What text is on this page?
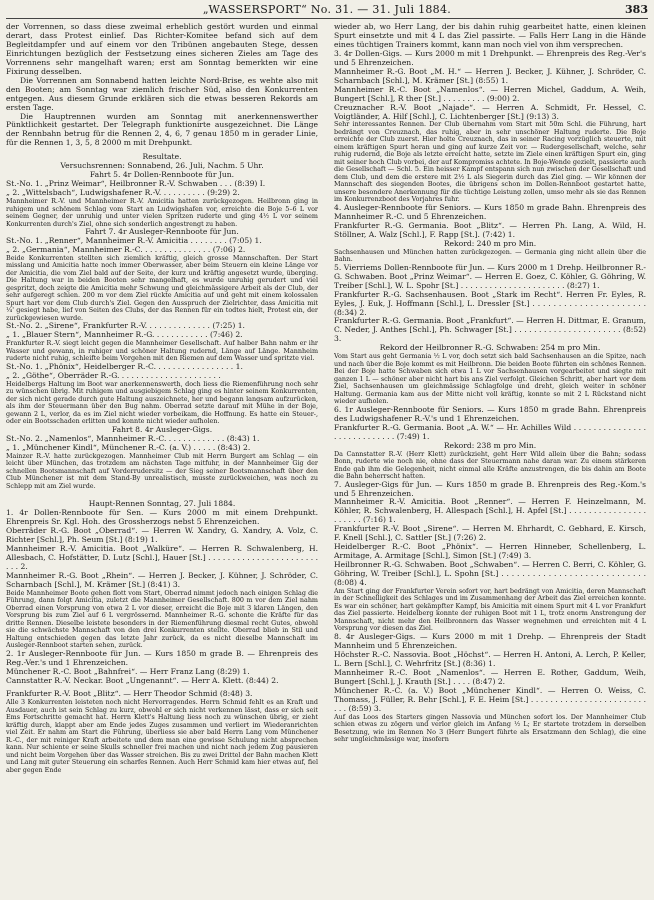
„WASSERSPORT“ No. 31. — 31. Juli 1884.	383

der Vorrennen, so dass diese zweimal erheblich gestört wurden und einmal derart, dass Protest einlief. Das Richter-Komitee befand sich auf dem Begleitdampfer und auf einem vor den Tribünen angebauten Stege, dessen Einrichtungen bezüglich der Festsetzung eines sicheren Zieles am Tage des Vorrennens sehr mangelhaft waren; erst am Sonntag bemerkten wir eine Fixirung desselben.

Die Vorrennen am Sonnabend hatten leichte Nord-Brise, es wehte also mit den Booten; am Sonntag war ziemlich frischer Süd, also den Konkurrenten entgegen. Aus diesem Grunde erklären sich die etwas besseren Rekords am ersten Tage.

Die Hauptrennen wurden am Sonntag mit anerkennenswerther Pünktlichkeit gestartet. Der Telegraph funktionirte ausgezeichnet. Die Länge der Rennbahn betrug für die Rennen 2, 4, 6, 7 genau 1850 m in gerader Linie, für die Rennen 1, 3, 5, 8 2000 m mit Drehpunkt.

Resultate.

Versuchsrennen: Sonnabend, 26. Juli, Nachm. 5 Uhr.

Fahrt 5. 4r Dollen-Rennboote für Jun.

St.-No. 1. „Prinz Weimar“, Heilbronner R.-V. Schwaben . . . (8:39) I.

„ 2. „Wittelsbach“, Ludwigshafener R.-V. . . . . . . . . . (9:29) 2.

Mannheimer R.-V. und Mannheimer R.-V. Amicitia hatten zurückgezogen. Heilbronn ging in ruhigem und schönem Schlag vom Start an Ludwigshafen vor, erreichte die Boje 5–6 L vor seinem Gegner, der unruhig und unter vielen Spritzen ruderte und ging 4½ L vor seinem Konkurrenten durch's Ziel, ohne sich sonderlich angestrengt zu haben.

Fahrt 7. 4r Ausleger-Rennboote für Jun.

St.-No. 1. „Renner“, Mannheimer R.-V. Amicitia . . . . . . . . (7:05) 1.

„ 2. „Germania“, Mannheimer R.-C. . . . . . . . . . . . . . . (7:06) 2.

Beide Konkurrenten stellten sich ziemlich kräftig, gleich grosse Mannschaften. Der Start misslang und Amicitia hatte noch immer Oberwasser, aber beim Steuern ein kleine Länge vor der Amicitia, die vom Ziel bald auf der Seite, der kurz und kräftig angesetzt wurde, überging. Die Haltung war in beiden Booten sehr mangelhaft, es wurde unruhig gerudert und viel gespritzt, doch zeigte die Amicitia mehr Schwung und gleichmässigere Arbeit als der Club, der sehr aufgeregt schien. 200 m vor dem Ziel rückte Amicitia auf und geht mit einem kolossalen Spurt hart vor dem Club durch's Ziel. Gegen den Ausspruch der Zielrichter, dass Amicitia mit ¼' gesiegt habe, lief von Seiten des Clubs, der das Rennen für ein todtes hielt, Protest ein, der zurückgewiesen wurde.

St.-No. 2. „Sirene“, Frankfurter R.-V. . . . . . . . . . . . . . (7:25) 1.

„ 1. „Blauer Stern“, Mannheimer R.-G. . . . . . . . . . . . (7:46) 2.

Frankfurter R.-V. siegt leicht gegen die Mannheimer Gesellschaft. Auf halber Bahn nahm er ihr Wasser und gewann, in ruhiger und schöner Haltung rudernd, Länge auf Länge. Mannheim ruderte nicht ruhig, schleifte beim Vorgehen mit den Riemen auf dem Wasser und spritzte viel.

St.-No. 1. „Phönix“, Heidelberger R.-C. . . . . . . . . . . . . . . . . 1.

„ 2. „Göthe“, Oberräder R.-G. . . . . . . . . . . . . . . . . . . . . .

Heidelbergs Haltung im Boot war anerkennenswerth, doch liess die Riemenführung noch sehr zu wünschen übrig. Mit ruhigem und ausgiebigem Schlag ging es hinter seinem Konkurrenten, der sich nicht gerade durch gute Haltung auszeichnete, her und begann langsam aufzurücken, als ihm der Steuermann über den Bug nahm. Oberrad setzte darauf mit Mühe in der Boje, gewann 2 L, verlor, da es im Ziel nicht wieder vorbeikam, die Hoffnung. Es hatte ein Steuer-, oder ein Bootsschaden erlitten und konnte nicht wieder aufholen.

Fahrt 8. 4r Ausleger-Gigs.

St.-No. 2. „Namenlos“, Mannheimer R.-C. . . . . . . . . . . . . (8:43) 1.

„ 1. „Münchener Kindl“, Münchener R.-C. (a. V.) . . . . . (8:43) 2.

Mainzer R.-V. hatte zurückgezogen. Mannheimer Club mit Herrn Burgert am Schlag — ein leicht über München, das trotzdem am nächsten Tage mitfuhr, in der Mannheimer Gig der schnellen Bootsmannschaft auf Vorderrudersitz — der Sieg seiner Bootsmannschaft über den Club Münchener ist mit dem Stand-By unrealistisch, musste zurückweichen, was noch zu Schlepp mit am Ziel wurde.

Haupt-Rennen Sonntag, 27. Juli 1884.

1. 4r Dollen-Rennboote für Sen. — Kurs 2000 m mit einem Drehpunkt. Ehrenpreis Sr. Kgl. Hoh. des Grossherzogs nebst 5 Ehrenzeichen.

Oberräder R.-G. Boot „Oberrad“. — Herren W. Xandry, G. Xandry, A. Volz, C. Richter [Schl.], Ph. Seum [St.] (8:19) 1.

Mannheimer R.-V. Amicitia. Boot „Walküre“. — Herren R. Schwalenberg, H. Allesbach, C. Hofstätter, D. Lutz [Schl.], Hauer [St.] . . . . . . . . . . . . . . . . . . . . . . . . . . 2.

Mannheimer R.-G. Boot „Rhein“. — Herren J. Becker, J. Kühner, J. Schröder, C. Scharnbach [Schl.], M. Krämer [St.] (8:41) 3.

Beide Mannheimer Boote gehen flott vom Start, Oberrad nimmt jedoch nach einigen Schlag die Führung, dann folgt Amicitia, zuletzt die Mannheimer Gesellschaft. 800 m vor dem Ziel nahm Oberrad einen Vorsprung von etwa 2 L vor dieser, erreicht die Boje mit 3 klaren Längen, den Vorsprung bis zum Ziel auf 6 L vergrössernd. Mannheimer R.-G. schonte die Kräfte für das dritte Rennen. Dieselbe leistete besonders in der Riemenführung diesmal recht Gutes, obwohl sie die schwächste Mannschaft von den drei Konkurrenten stellte. Oberrad blieb in Stil und Haltung entschieden gegen das letzte Jahr zurück, da es nicht dieselbe Mannschaft im Ausleger-Rennboot starten sehen, zurück.

2. 1r Ausleger-Rennboote für Jun. — Kurs 1850 m grade B. — Ehrenpreis des Reg.-Ver.'s und 1 Ehrenzeichen.

Münchener R.-C. Boot „Bahnfrei“. — Herr Franz Lang (8:29) 1.

Cannstatter R.-V. Neckar. Boot „Ungenannt“. — Herr A. Klett. (8:44) 2.

Frankfurter R.-V. Boot „Blitz“. — Herr Theodor Schmid (8:48) 3.

Alle 3 Konkurrenten leisteten noch nicht Hervorragendes. Herrn Schmid fehlt es an Kraft und Ausdauer, auch ist sein Schlag zu kurz, obwohl er sich nicht verkennen lässt, dass er sich seit Ems Fortschritte gemacht hat. Herrn Klett's Haltung liess noch zu wünschen übrig, er zieht kräftig durch, klappt aber am Ende jedes Zuges zusammen und verliert im Wiederanrichten viel Zeit. Er nahm am Start die Führung, überliess sie aber bald Herrn Lang vom Münchener R.-C., der mit reiniger Kraft arbeitete und dem man eine gewisse Schulung nicht absprechen kann. Nur schiente er seine Skulls schneller frei machen und nicht nach jedem Zug pausieren und nicht beim Vorgehen über das Wasser streichen. Bis zu zwei Drittel der Bahn machen Klett und Lang mit guter Steuerung ein scharfes Rennen. Auch Herr Schmid kam hier etwas auf, fiel aber gegen Ende

wieder ab, wo Herr Lang, der bis dahin ruhig gearbeitet hatte, einen kleinen Spurt einsetzte und mit 4 L das Ziel passirte. — Falls Herr Lang in die Hände eines tüchtigen Trainers kommt, kann man noch viel von ihm versprechen.

3. 4r Dollen-Gigs. — Kurs 2000 m mit 1 Drehpunkt. — Ehrenpreis des Reg.-Ver's und 5 Ehrenzeichen.

Mannheimer R.-G. Boot „M. H.“ — Herren J. Becker, J. Kühner, J. Schröder, C. Scharnbach [Schl.], M. Krämer [St.] (8:55) 1.

Mannheimer R.-C. Boot „Namenlos“. — Herren Michel, Gaddum, A. Weih, Bungert [Schl.], R ther [St.] . . . . . . . . . (9:00) 2.

Creuznacher R.-V. Boot „Najade“. — Herren A. Schmidt, Fr. Hessel, C. Voigtländer, A. Hilf [Schl.], C. Lichtenberger [St.] (9:13) 3.

Sehr interessantes Rennen. Der Club übernahm vom Start mit 50m Schl. die Führung, hart bedrängt von Creuznach, das ruhig, aber in sehr unschöner Haltung ruderte. Die Boje erreichte der Club zuerst. Hier holte Creuznach, das in seiner Racing vorzüglich steuerte, mit einem kräftigen Spurt heran und ging auf kurze Zeit vor. — Rudergesellschaft, welche, sehr ruhig rudernd, die Boje als letzte erreicht hatte, setzte im Ziele einen kräftigen Spurt ein, ging mit seiner hoch Club vorbei, der auf Kompromiss achtete. In Boje-Wende gezielt, passierte auch die Gesellschaft — Schl. 5. Ein heisser Kampf entspann sich nun zwischen der Gesellschaft und dem Club, und dem die erstere mit 2½ L als Siegerin durch das Ziel ging. — Wir können der Mannschaft des siegenden Bootes, die übrigens schon im Dollen-Rennboot gestartet hatte, unsere besondere Anerkennung für die tüchtige Leistung zollen, umso mehr als sie das Rennen im Konkurrenzboot des Vorjahres fuhr.

4. Ausleger-Rennboote für Seniors. — Kurs 1850 m grade Bahn. Ehrenpreis des Mannheimer R.-C. und 5 Ehrenzeichen.

Frankfurter R.-G. Germania. Boot „Blitz“. — Herren Ph. Lang, A. Wild, H. Stöllner, A. Walz [Schl.], F. Rapp [St.]. (7:42) 1.

Rekord: 240 m pro Min.

Sachsenhausen und München hatten zurückgezogen. — Germania ging nicht allein über die Bahn.

5. Vierriems Dollen-Rennboote für Jun. — Kurs 2000 m 1 Drehp. Heilbronner R.-G. Schwaben. Boot „Prinz Weimar“. — Herren E. Goez, C. Köhler, G. Göhring, W. Treiber [Schl.], W. L. Spohr [St.] . . . . . . . . . . . . . . . . . . . . . . (8:27) 1.

Frankfurter R.-G. Sachsenhausen. Boot „Stark im Recht“. Herren Fr. Eyles, R. Eyles, J. Euk, J. Hoffmann [Schl.], L. Dressler [St.] . . . . . . . . . . . . . . . . . . . . . . (8:34) 2.

Frankfurter R.-G. Germania. Boot „Frankfurt“. — Herren H. Dittmar, E. Granum, C. Neder, J. Anthes [Schl.], Ph. Schwager [St.] . . . . . . . . . . . . . . . . . . . . . . (8:52) 3.

Rekord der Heilbronner R.-G. Schwaben: 254 m pro Min.

Vom Start aus geht Germania ½ L vor, doch setzt sich bald Sachsenhausen an die Spitze, nach und nach über die Boje kommt es mit Heilbronn. Die beiden Boote führten ein schönes Rennen. Bei der Boje hatte Schwaben sich etwa 1 L vor Sachsenhausen vorgearbeitet und siegte mit ganzen 1 L — schöner aber nicht hart bis ans Ziel verfolgt. Gleichen Schritt, aber hart vor dem Ziel, Sachsenhausen um gleichmässige Schlagfolge und dreht, gleich weiter in schöner Haltung. Germania kam aus der Mitte nicht voll kräftig, konnte so mit 2 L Rückstand nicht wieder aufholen.

6. 1r Ausleger-Rennboote für Seniors. — Kurs 1850 m grade Bahn. Ehrenpreis des Ludwigshafener R.-V.'s und 1 Ehrenzeichen.

Frankfurter R.-G. Germania. Boot „A. W.“ — Hr. Achilles Wild . . . . . . . . . . . . . . . . . . . . . . . . . . . . (7:49) 1.

Rekord: 238 m pro Min.

Da Cannstatter R.-V. (Herr Klett) zurückzieht, geht Herr Wild allein über die Bahn; sodass Bonn, ruderte wie noch nie, ohne dass der Steuermann nahe daran war. Zu einem stärkeren Ende gab ihm die Gelegenheit, nicht einmal alle Kräfte anzustrengen, die bis dahin am Boote die Bahn beherrscht hatten.

7. Ausleger-Gigs für Jun. — Kurs 1850 m grade B. Ehrenpreis des Reg.-Kom.'s und 5 Ehrenzeichen.

Mannheimer R.-V. Amicitia. Boot „Renner“. — Herren F. Heinzelmann, M. Köhler, R. Schwalenberg, H. Allespach [Schl.], H. Apfel [St.] . . . . . . . . . . . . . . . . . . . . . . (7:16) 1.

Frankfurter R.-V. Boot „Sirene“. — Herren M. Ehrhardt, C. Gebhard, E. Kirsch, F. Knell [Schl.], C. Sattler [St.] (7:26) 2.

Heidelberger R.-C. Boot „Phönix“. — Herren Hinneber, Schellenberg, L. Armitage, A. Armitage [Schl.], Simon [St.] (7:49) 3.

Heilbronner R.-G. Schwaben. Boot „Schwaben“. — Herren C. Berri, C. Köhler, G. Göhring, W. Treiber [Schl.], L. Spohn [St.] . . . . . . . . . . . . . . . . . . . . . . . . . . . . (8:08) 4.

Am Start ging der Frankfurter Verein sofort vor, hart bedrängt von Amicitia, deren Mannschaft in der Schnelligkeit des Schlages und im Zusammenhang der Arbeit das Ziel erreichen konnte. Es war ein schöner, hart gekämpfter Kampf, bis Amicitia mit einem Spurt mit 4 L vor Frankfurt das Ziel passierte. Heidelberg konnte der ruhigen Boot mit 1 L, trotz enorm Anstrengung der Mannschaft, nicht mehr den Heilbronnern das Wasser wegnehmen und erreichten mit 4 L Vorsprung vor diesen das Ziel.

8. 4r Ausleger-Gigs. — Kurs 2000 m mit 1 Drehp. — Ehrenpreis der Stadt Mannheim und 5 Ehrenzeichen.

Höchster R.-C. Nassovia. Boot „Höchst“. — Herren H. Antoni, A. Lerch, P. Keller, L. Bern [Schl.], C. Wehrfritz [St.] (8:36) 1.

Mannheimer R.-C. Boot „Namenlos“. — Herren E. Rother, Gaddum, Weih, Bungert [Schl.], J. Krauth [St.] . . . . (8:47) 2.

Münchener R.-C. (a. V.) Boot „Münchener Kindl“. — Herren O. Weiss, C. Thomass, J. Füller, R. Behr [Schl.], F. E. Heim [St.] . . . . . . . . . . . . . . . . . . . . . . . . . . . (8:59) 3.

Auf das Loos des Starters gingen Nassovia und München sofort los. Der Mannheimer Club schien etwas zu zögern und verlor gleich im Anfang ½ L; Er startete trotzdem in derselben Besetzung, wie im Rennen No 3 (Herr Bungert führte als Ersatzmann den Schlag), die eine sehr ungleichmässige war, insofern
